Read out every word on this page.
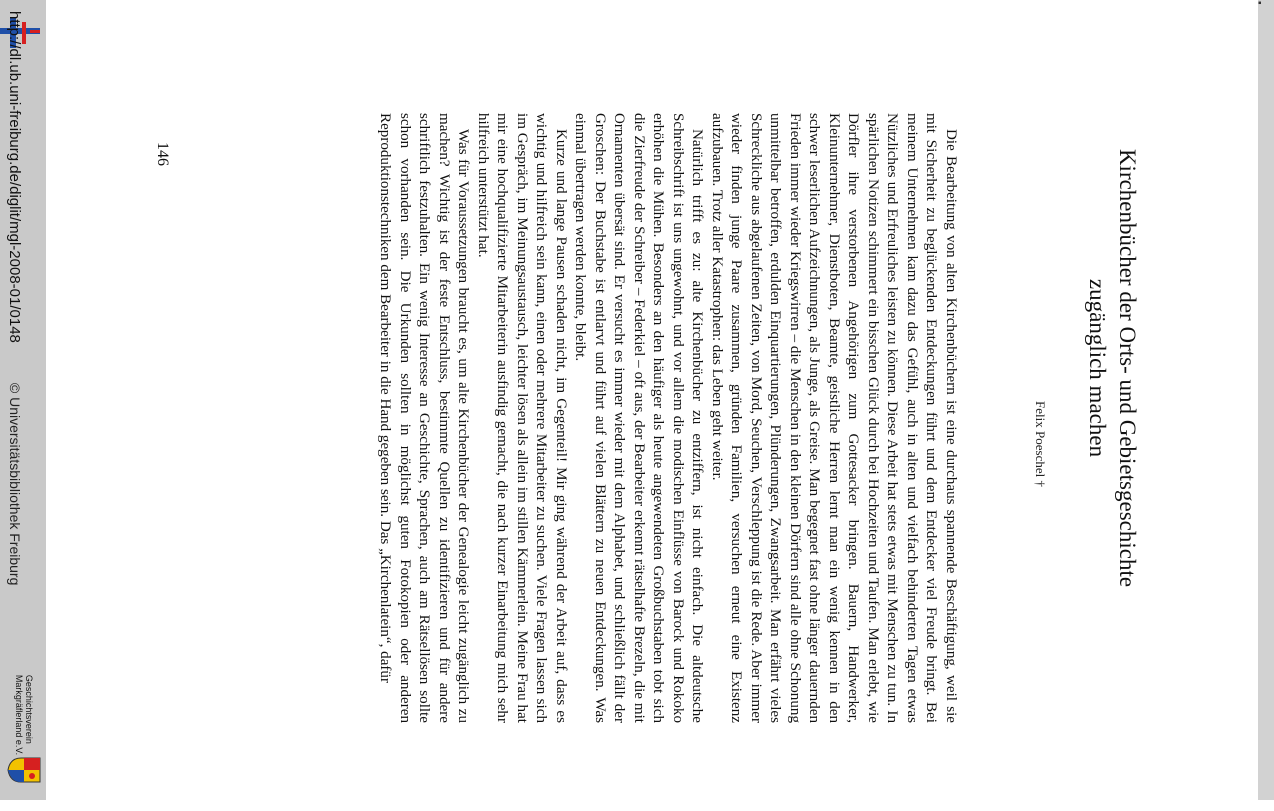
http://dl.ub.uni-freiburg.de/diglit/mgl-2008-01/0148
© Universitätsbibliothek Freiburg
Geschichtsverein
Markgräflerland e.V.
▪
146	Kirchenbücher der Orts- und Gebietsgeschichte
zugänglich machen
Felix Poeschel †

Die Bearbeitung von alten Kirchenbüchern ist eine durchaus spannende Beschäftigung, weil sie mit Sicherheit zu beglückenden Entdeckungen führt und dem Entdecker viel Freude bringt. Bei meinem Unternehmen kam dazu das Gefühl, auch in alten und vielfach behinderten Tagen etwas Nützliches und Erfreuliches leisten zu können. Diese Arbeit hat stets etwas mit Menschen zu tun. In spärlichen Notizen schimmert ein bisschen Glück durch bei Hochzeiten und Taufen. Man erlebt, wie Dörfler ihre verstorbenen Angehörigen zum Gottesacker bringen. Bauern, Handwerker, Kleinunternehmer, Dienstboten, Beamte, geistliche Herren lernt man ein wenig kennen in den schwer leserlichen Aufzeichnungen, als Junge, als Greise. Man begegnet fast ohne länger dauernden Frieden immer wieder Kriegswirren – die Menschen in den kleinen Dörfern sind alle ohne Schonung unmittelbar betroffen, erdulden Einquartierungen, Plünderungen, Zwangsarbeit. Man erfährt vieles Schreckliche aus abgelaufenen Zeiten, von Mord, Seuchen, Verschleppung ist die Rede. Aber immer wieder finden junge Paare zusammen, gründen Familien, versuchen erneut eine Existenz aufzubauen. Trotz aller Katastrophen: das Leben geht weiter.

Natürlich trifft es zu: alte Kirchenbücher zu entziffern, ist nicht einfach. Die altdeutsche Schreibschrift ist uns ungewohnt, und vor allem die modischen Einflüsse von Barock und Rokoko erhöhen die Mühen. Besonders an den häufiger als heute angewendeten Großbuchstaben tobt sich die Zierfreude der Schreiber – Federkiel – oft aus, der Bearbeiter erkennt rätselhafte Brezeln, die mit Ornamenten übersät sind. Er versucht es immer wieder mit dem Alphabet, und schließlich fällt der Groschen: Der Buchstabe ist entlarvt und führt auf vielen Blättern zu neuen Entdeckungen. Was einmal übertragen werden konnte, bleibt.

Kurze und lange Pausen schaden nicht, im Gegenteil! Mir ging während der Arbeit auf, dass es wichtig und hilfreich sein kann, einen oder mehrere Mitarbeiter zu suchen. Viele Fragen lassen sich im Gespräch, im Meinungsaustausch, leichter lösen als allein im stillen Kämmerlein. Meine Frau hat mir eine hochqualifizierte Mitarbeiterin ausfindig gemacht, die nach kurzer Einarbeitung mich sehr hilfreich unterstützt hat.

Was für Voraussetzungen braucht es, um alte Kirchenbücher der Genealogie leicht zugänglich zu machen? Wichtig ist der feste Entschluss, bestimmte Quellen zu identifizieren und für andere schriftlich festzuhalten. Ein wenig Interesse an Geschichte, Sprachen, auch am Rätsellösen sollte schon vorhanden sein. Die Urkunden sollten in möglichst guten Fotokopien oder anderen Reproduktionstechniken dem Bearbeiter in die Hand gegeben sein. Das „Kirchenlatein“, dafür
